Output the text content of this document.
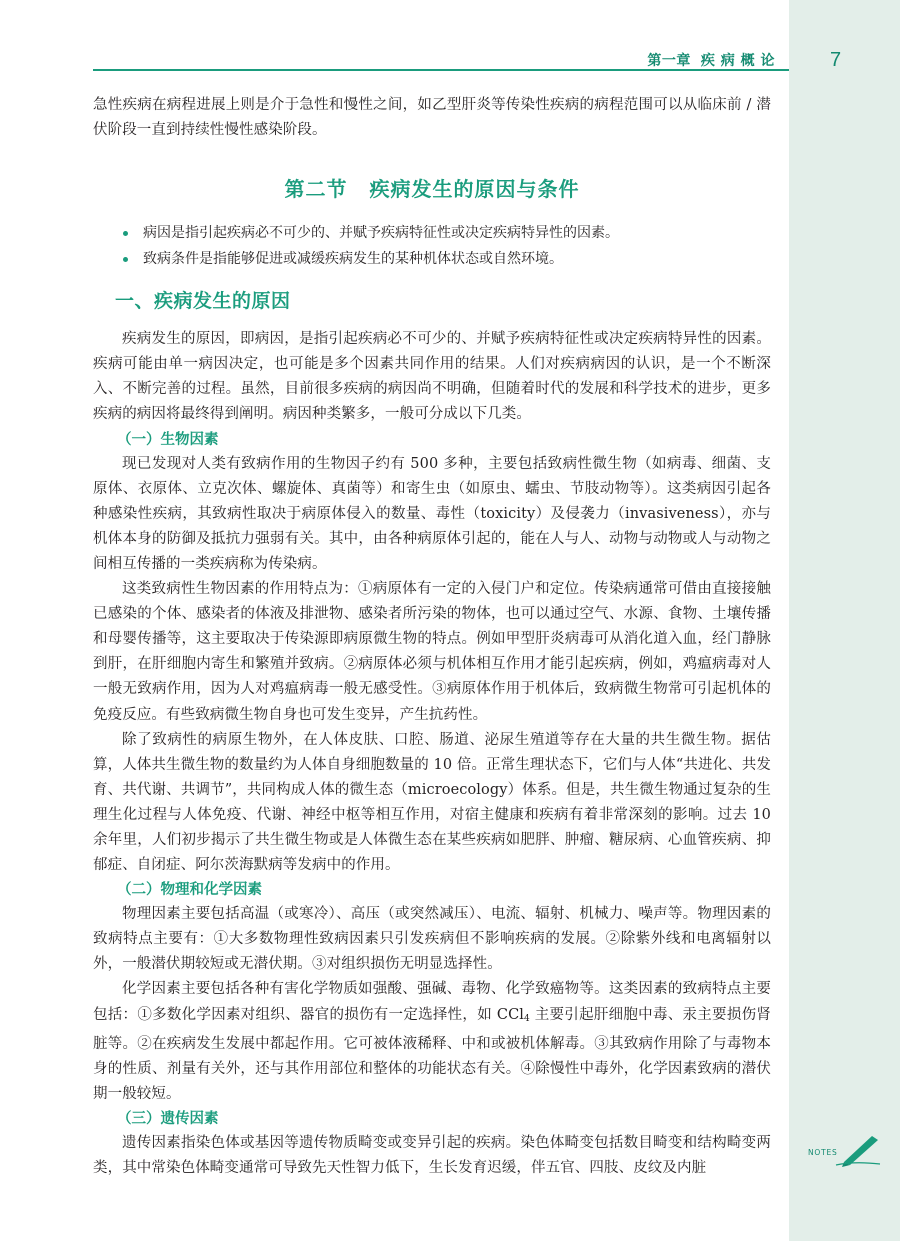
第一章 疾 病 概 论	7

急性疾病在病程进展上则是介于急性和慢性之间，如乙型肝炎等传染性疾病的病程范围可以从临床前 / 潜伏阶段一直到持续性慢性感染阶段。

第二节 疾病发生的原因与条件
病因是指引起疾病必不可少的、并赋予疾病特征性或决定疾病特异性的因素。
致病条件是指能够促进或减缓疾病发生的某种机体状态或自然环境。
一、疾病发生的原因

疾病发生的原因，即病因，是指引起疾病必不可少的、并赋予疾病特征性或决定疾病特异性的因素。疾病可能由单一病因决定，也可能是多个因素共同作用的结果。人们对疾病病因的认识，是一个不断深入、不断完善的过程。虽然，目前很多疾病的病因尚不明确，但随着时代的发展和科学技术的进步，更多疾病的病因将最终得到阐明。病因种类繁多，一般可分成以下几类。

（一）生物因素

现已发现对人类有致病作用的生物因子约有 500 多种，主要包括致病性微生物（如病毒、细菌、支原体、衣原体、立克次体、螺旋体、真菌等）和寄生虫（如原虫、蠕虫、节肢动物等）。这类病因引起各种感染性疾病，其致病性取决于病原体侵入的数量、毒性（toxicity）及侵袭力（invasiveness），亦与机体本身的防御及抵抗力强弱有关。其中，由各种病原体引起的，能在人与人、动物与动物或人与动物之间相互传播的一类疾病称为传染病。

这类致病性生物因素的作用特点为：①病原体有一定的入侵门户和定位。传染病通常可借由直接接触已感染的个体、感染者的体液及排泄物、感染者所污染的物体，也可以通过空气、水源、食物、土壤传播和母婴传播等，这主要取决于传染源即病原微生物的特点。例如甲型肝炎病毒可从消化道入血，经门静脉到肝，在肝细胞内寄生和繁殖并致病。②病原体必须与机体相互作用才能引起疾病，例如，鸡瘟病毒对人一般无致病作用，因为人对鸡瘟病毒一般无感受性。③病原体作用于机体后，致病微生物常可引起机体的免疫反应。有些致病微生物自身也可发生变异，产生抗药性。

除了致病性的病原生物外，在人体皮肤、口腔、肠道、泌尿生殖道等存在大量的共生微生物。据估算，人体共生微生物的数量约为人体自身细胞数量的 10 倍。正常生理状态下，它们与人体“共进化、共发育、共代谢、共调节”，共同构成人体的微生态（microecology）体系。但是，共生微生物通过复杂的生理生化过程与人体免疫、代谢、神经中枢等相互作用，对宿主健康和疾病有着非常深刻的影响。过去 10 余年里，人们初步揭示了共生微生物或是人体微生态在某些疾病如肥胖、肿瘤、糖尿病、心血管疾病、抑郁症、自闭症、阿尔茨海默病等发病中的作用。

（二）物理和化学因素

物理因素主要包括高温（或寒冷）、高压（或突然减压）、电流、辐射、机械力、噪声等。物理因素的致病特点主要有：①大多数物理性致病因素只引发疾病但不影响疾病的发展。②除紫外线和电离辐射以外，一般潜伏期较短或无潜伏期。③对组织损伤无明显选择性。

化学因素主要包括各种有害化学物质如强酸、强碱、毒物、化学致癌物等。这类因素的致病特点主要包括：①多数化学因素对组织、器官的损伤有一定选择性，如 CCl$_4$ 主要引起肝细胞中毒、汞主要损伤肾脏等。②在疾病发生发展中都起作用。它可被体液稀释、中和或被机体解毒。③其致病作用除了与毒物本身的性质、剂量有关外，还与其作用部位和整体的功能状态有关。④除慢性中毒外，化学因素致病的潜伏期一般较短。

（三）遗传因素

遗传因素指染色体或基因等遗传物质畸变或变异引起的疾病。染色体畸变包括数目畸变和结构畸变两类，其中常染色体畸变通常可导致先天性智力低下，生长发育迟缓，伴五官、四肢、皮纹及内脏

NOTES
